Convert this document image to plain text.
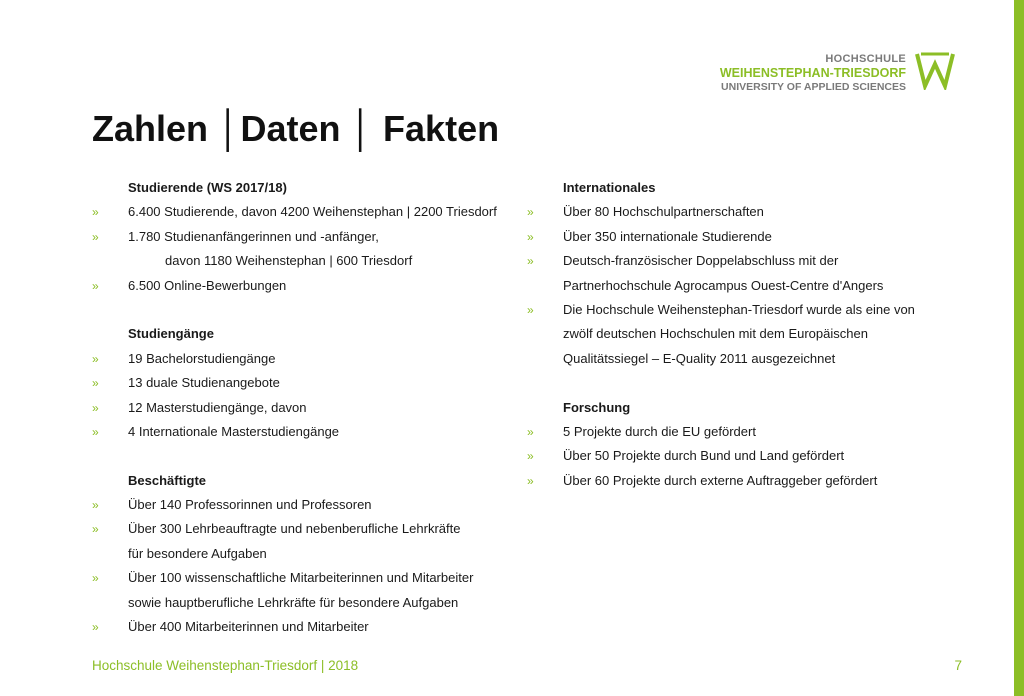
HOCHSCHULE
WEIHENSTEPHAN-TRIESDORF
UNIVERSITY OF APPLIED SCIENCES
Zahlen │Daten │ Fakten
Studierende (WS 2017/18)
» 6.400 Studierende, davon 4200 Weihenstephan | 2200 Triesdorf
» 1.780 Studienanfängerinnen und -anfänger,
davon 1180 Weihenstephan | 600 Triesdorf
» 6.500 Online-Bewerbungen
Studiengänge
» 19 Bachelorstudiengänge
» 13 duale Studienangebote
» 12 Masterstudiengänge, davon
» 4 Internationale Masterstudiengänge
Beschäftigte
» Über 140 Professorinnen und Professoren
» Über 300 Lehrbeauftragte und nebenberufliche Lehrkräfte
für besondere Aufgaben
» Über 100 wissenschaftliche Mitarbeiterinnen und Mitarbeiter
sowie hauptberufliche Lehrkräfte für besondere Aufgaben
» Über 400 Mitarbeiterinnen und Mitarbeiter
Internationales
» Über 80 Hochschulpartnerschaften
» Über 350 internationale Studierende
» Deutsch-französischer Doppelabschluss mit der
Partnerhochschule Agrocampus Ouest-Centre d'Angers
» Die Hochschule Weihenstephan-Triesdorf wurde als eine von
zwölf deutschen Hochschulen mit dem Europäischen
Qualitätssiegel – E-Quality 2011 ausgezeichnet
Forschung
» 5 Projekte durch die EU gefördert
» Über 50 Projekte durch Bund und Land gefördert
» Über 60 Projekte durch externe Auftraggeber gefördert
Hochschule Weihenstephan-Triesdorf | 2018	7
